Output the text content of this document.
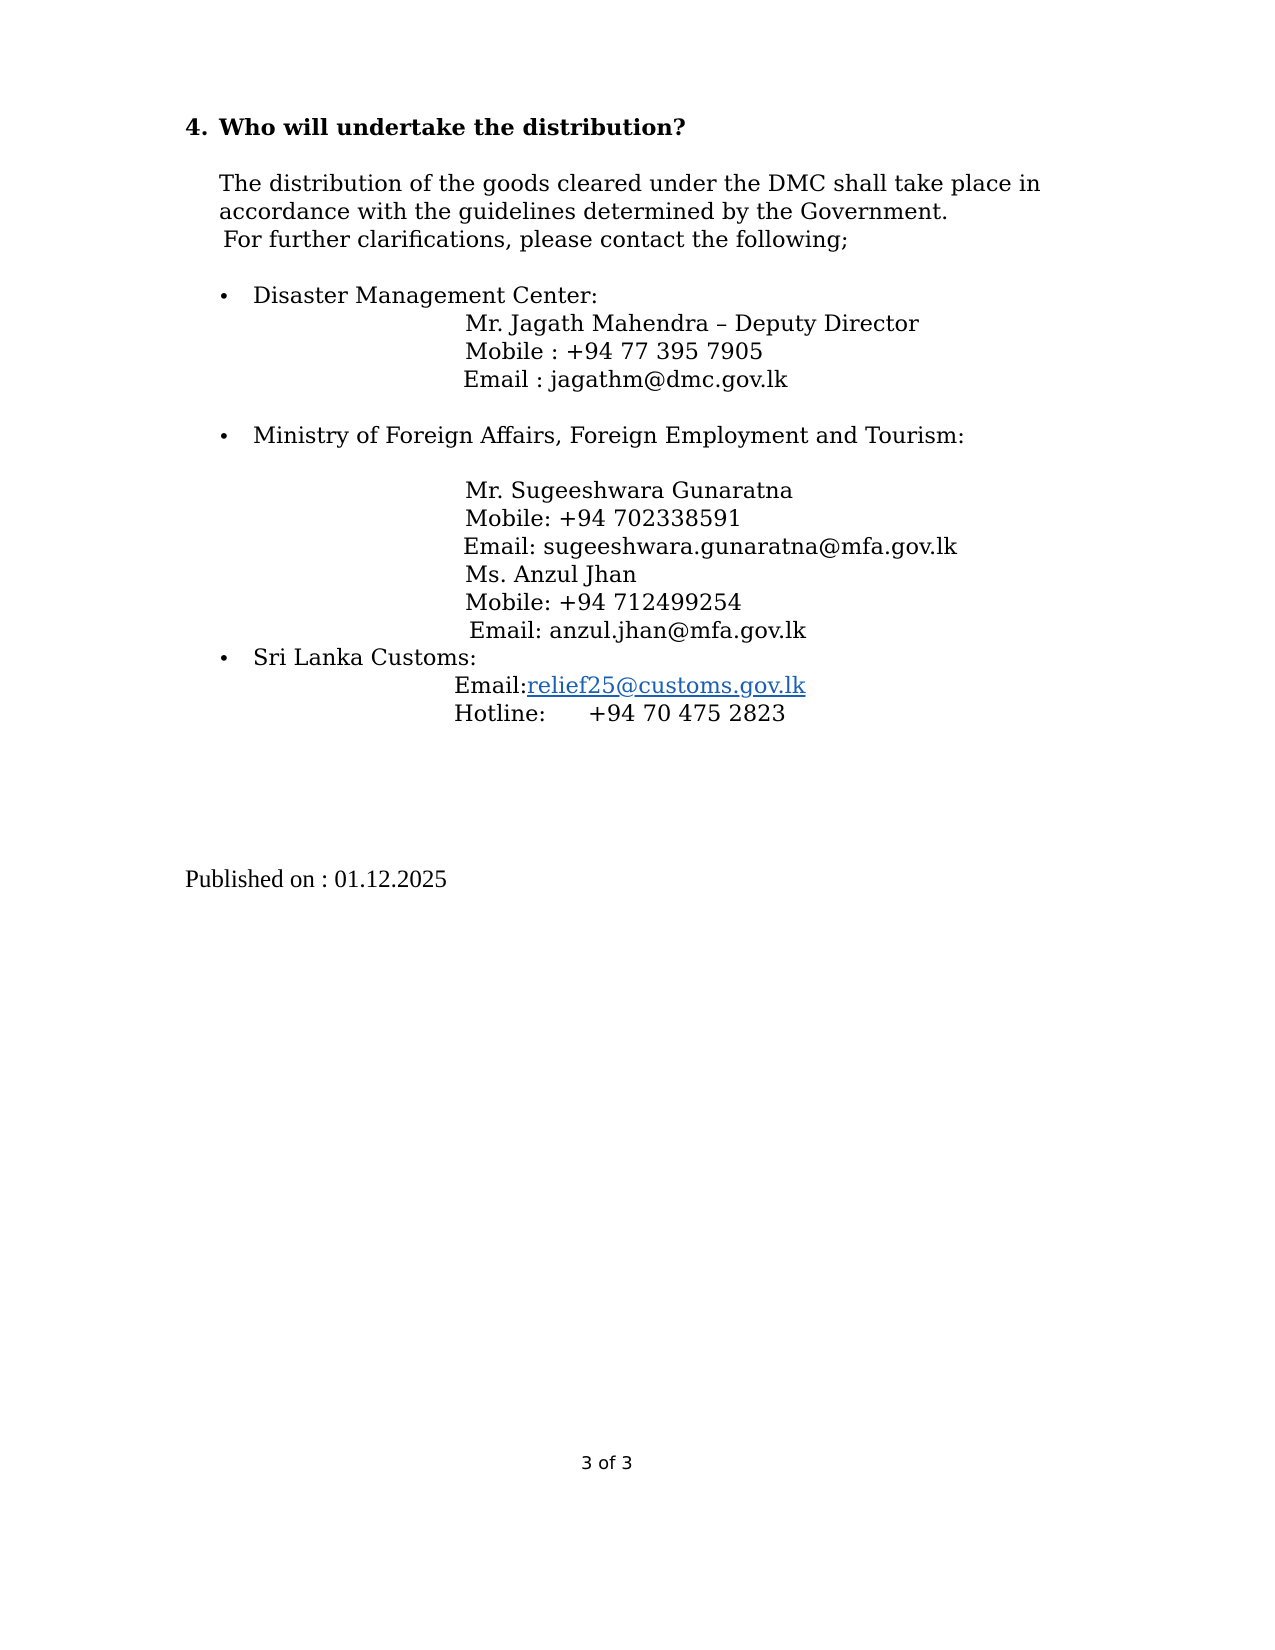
4. Who will undertake the distribution?
The distribution of the goods cleared under the DMC shall take place in
accordance with the guidelines determined by the Government.
For further clarifications, please contact the following;
• Disaster Management Center:
Mr. Jagath Mahendra – Deputy Director
Mobile : +94 77 395 7905
Email : jagathm@dmc.gov.lk
• Ministry of Foreign Affairs, Foreign Employment and Tourism:
Mr. Sugeeshwara Gunaratna
Mobile: +94 702338591
Email: sugeeshwara.gunaratna@mfa.gov.lk
Ms. Anzul Jhan
Mobile: +94 712499254
Email: anzul.jhan@mfa.gov.lk
• Sri Lanka Customs:
Email: relief25@customs.gov.lk
Hotline: +94 70 475 2823
Published on : 01.12.2025
3 of 3
